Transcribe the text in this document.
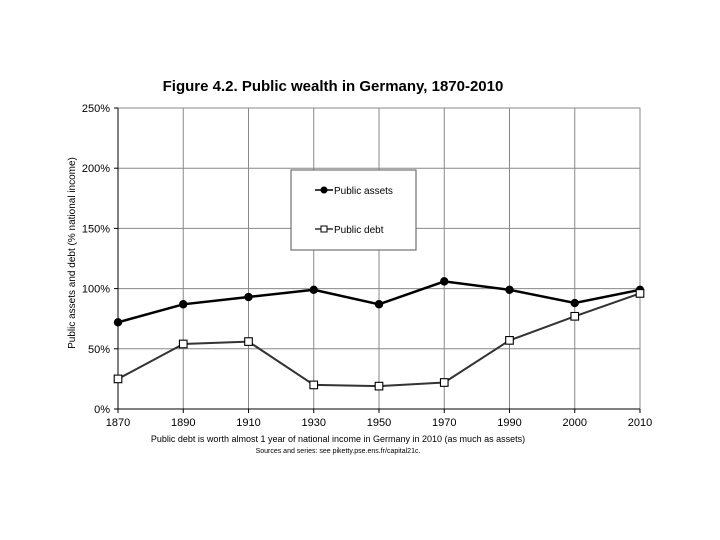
Figure 4.2. Public wealth in Germany, 1870-2010
0%
50%
100%
150%
200%
250%
1870	1890	1910	1930	1950	1970	1990	2000	2010
Public assets and debt (% national income)	Public assets
Public debt
Public debt is worth almost 1 year of national income in Germany in 2010 (as much as assets)
Sources and series: see piketty.pse.ens.fr/capital21c.
